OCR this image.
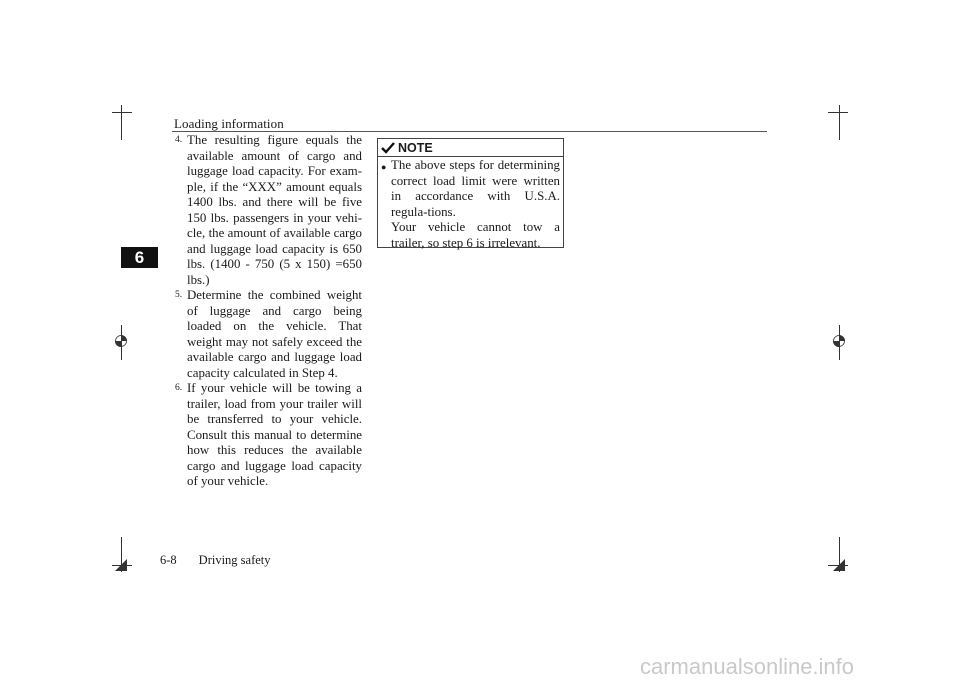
Loading information
6
4. The resulting figure equals the available amount of cargo and luggage load capacity. For exam-ple, if the “XXX” amount equals 1400 lbs. and there will be five 150 lbs. passengers in your vehi-cle, the amount of available cargo and luggage load capacity is 650 lbs. (1400 - 750 (5 x 150) =650 lbs.)
5. Determine the combined weight of luggage and cargo being loaded on the vehicle. That weight may not safely exceed the available cargo and luggage load capacity calculated in Step 4.
6. If your vehicle will be towing a trailer, load from your trailer will be transferred to your vehicle. Consult this manual to determine how this reduces the available cargo and luggage load capacity of your vehicle.
NOTE
● The above steps for determining correct load limit were written in accordance with U.S.A. regula-tions.

Your vehicle cannot tow a trailer, so step 6 is irrelevant.

6-8 Driving safety
carmanualsonline.info
